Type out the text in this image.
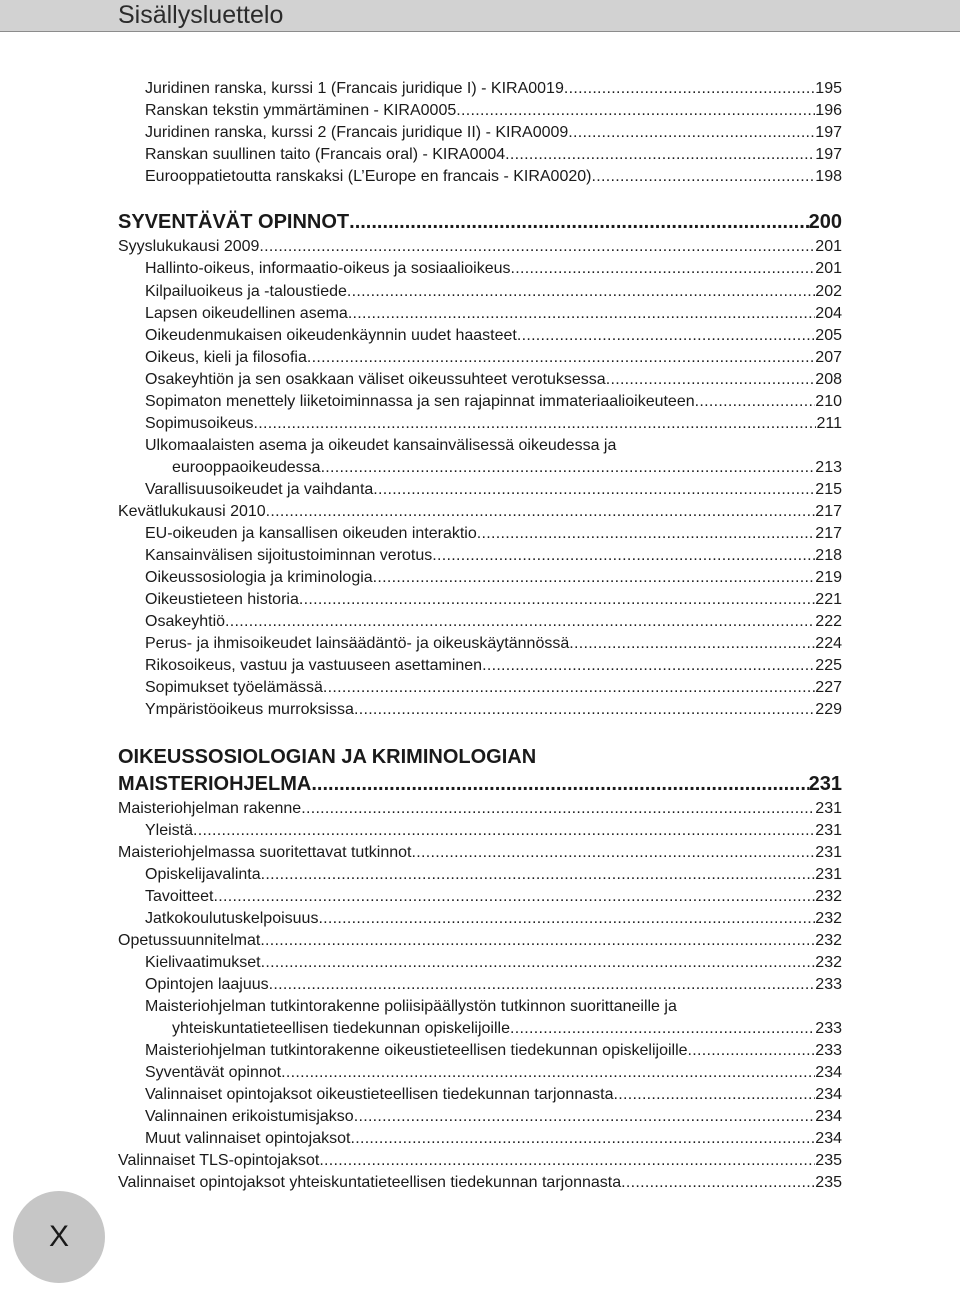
Sisällysluettelo
Juridinen ranska, kurssi 1 (Francais juridique I) - KIRA0019 .....	195
Ranskan tekstin ymmärtäminen - KIRA0005 .....	196
Juridinen ranska, kurssi 2 (Francais juridique II) - KIRA0009 .....	197
Ranskan suullinen taito (Francais oral) - KIRA0004 .....	197
Eurooppatietoutta ranskaksi (L’Europe en francais - KIRA0020) .....	198
SYVENTÄVÄT OPINNOT .....	200
Syyslukukausi 2009 .....	201
Hallinto-oikeus, informaatio-oikeus ja sosiaalioikeus .....	201
Kilpailuoikeus ja -taloustiede .....	202
Lapsen oikeudellinen asema .....	204
Oikeudenmukaisen oikeudenkäynnin uudet haasteet .....	205
Oikeus, kieli ja filosofia .....	207
Osakeyhtiön ja sen osakkaan väliset oikeussuhteet verotuksessa .....	208
Sopimaton menettely liiketoiminnassa ja sen rajapinnat immateriaalioikeuteen .....	210
Sopimusoikeus .....	211
Ulkomaalaisten asema ja oikeudet kansainvälisessä oikeudessa ja
eurooppaoikeudessa .....	213
Varallisuusoikeudet ja vaihdanta .....	215
Kevätlukukausi 2010 .....	217
EU-oikeuden ja kansallisen oikeuden interaktio .....	217
Kansainvälisen sijoitustoiminnan verotus .....	218
Oikeussosiologia ja kriminologia .....	219
Oikeustieteen historia .....	221
Osakeyhtiö .....	222
Perus- ja ihmisoikeudet lainsäädäntö- ja oikeuskäytännössä .....	224
Rikosoikeus, vastuu ja vastuuseen asettaminen .....	225
Sopimukset työelämässä .....	227
Ympäristöoikeus murroksissa .....	229
OIKEUSSOSIOLOGIAN JA KRIMINOLOGIAN
MAISTERIOHJELMA .....	231
Maisteriohjelman rakenne .....	231
Yleistä .....	231
Maisteriohjelmassa suoritettavat tutkinnot .....	231
Opiskelijavalinta .....	231
Tavoitteet .....	232
Jatkokoulutuskelpoisuus .....	232
Opetussuunnitelmat .....	232
Kielivaatimukset .....	232
Opintojen laajuus .....	233
Maisteriohjelman tutkintorakenne poliisipäällystön tutkinnon suorittaneille ja
yhteiskuntatieteellisen tiedekunnan opiskelijoille .....	233
Maisteriohjelman tutkintorakenne oikeustieteellisen tiedekunnan opiskelijoille .....	233
Syventävät opinnot .....	234
Valinnaiset opintojaksot oikeustieteellisen tiedekunnan tarjonnasta .....	234
Valinnainen erikoistumisjakso .....	234
Muut valinnaiset opintojaksot .....	234
Valinnaiset TLS-opintojaksot .....	235
Valinnaiset opintojaksot yhteiskuntatieteellisen tiedekunnan tarjonnasta .....	235
X
